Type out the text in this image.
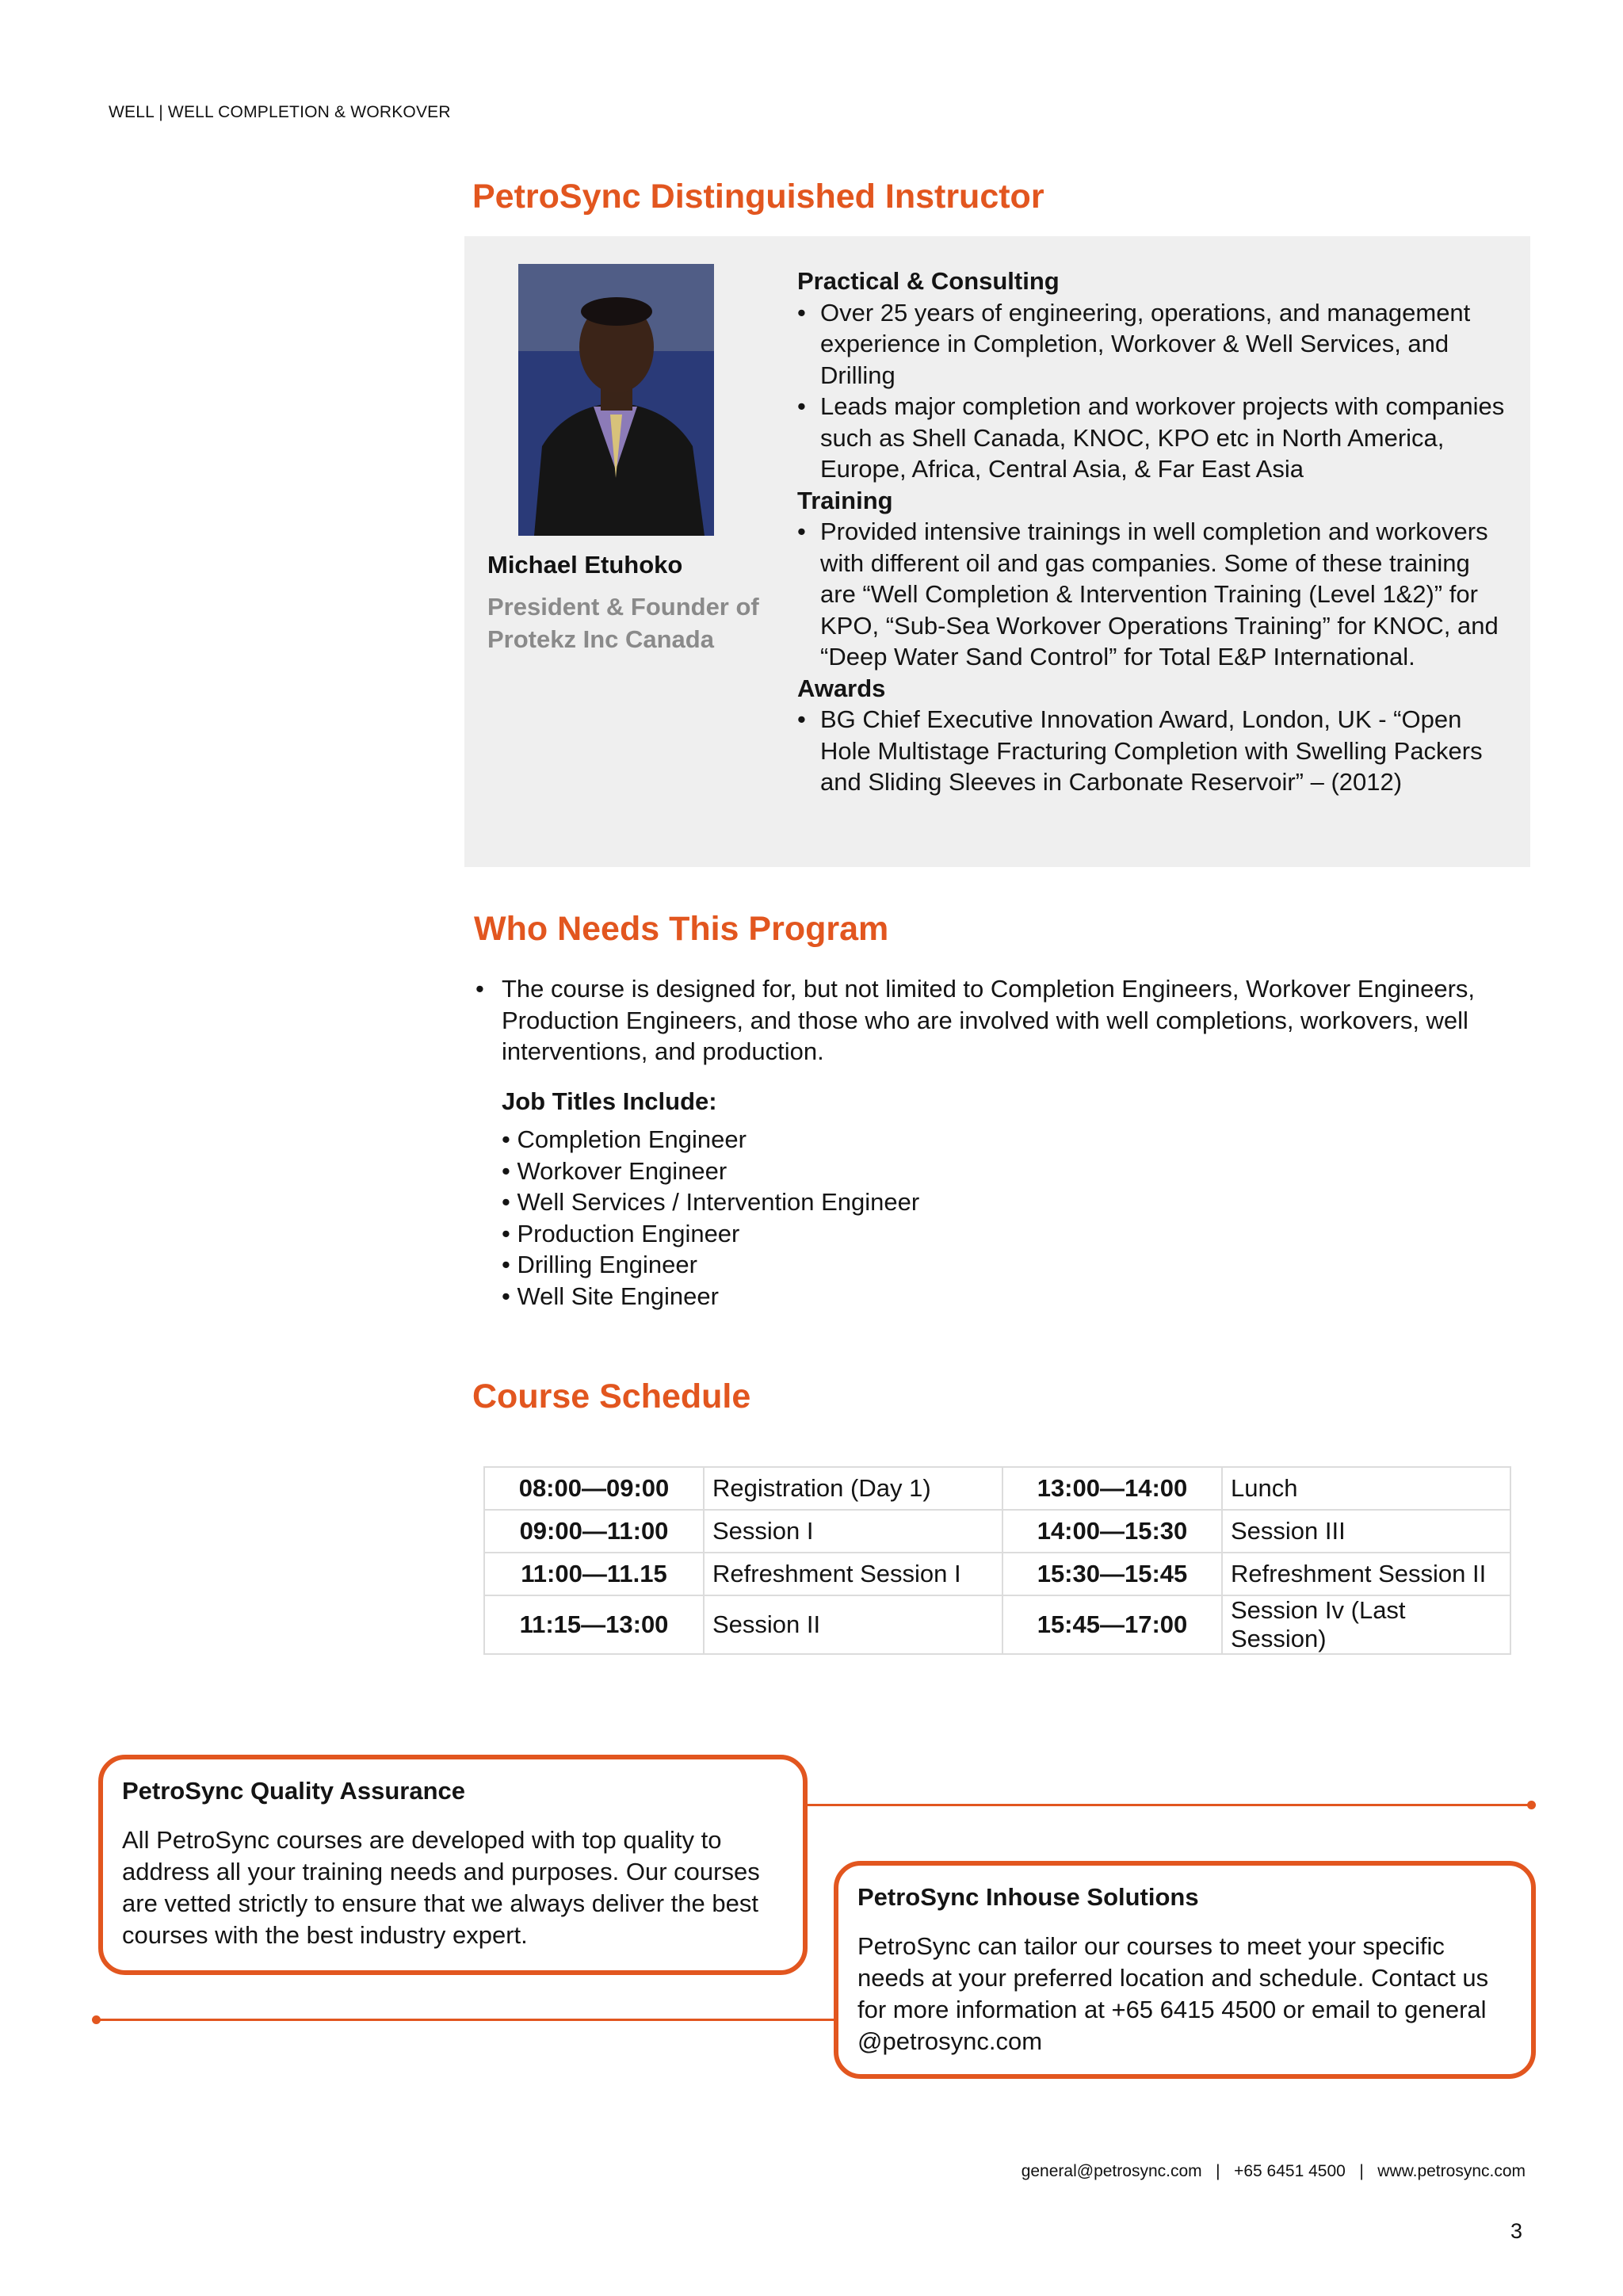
WELL | WELL COMPLETION & WORKOVER
PetroSync Distinguished Instructor
Michael Etuhoko
President & Founder of
Protekz Inc Canada
Practical & Consulting
• Over 25 years of engineering, operations, and management experience in Completion, Workover & Well Services, and Drilling
• Leads major completion and workover projects with companies such as Shell Canada, KNOC, KPO etc in North America, Europe, Africa, Central Asia, & Far East Asia
Training
• Provided intensive trainings in well completion and workovers with different oil and gas companies. Some of these training are “Well Completion & Intervention Training (Level 1&2)” for KPO, “Sub-Sea Workover Operations Training” for KNOC, and “Deep Water Sand Control” for Total E&P International.
Awards
• BG Chief Executive Innovation Award, London, UK - “Open Hole Multistage Fracturing Completion with Swelling Packers and Sliding Sleeves in Carbonate Reservoir” – (2012)
Who Needs This Program
• The course is designed for, but not limited to Completion Engineers, Workover Engineers, Production Engineers, and those who are involved with well completions, workovers, well interventions, and production.
Job Titles Include:
• Completion Engineer
• Workover Engineer
• Well Services / Intervention Engineer
• Production Engineer
• Drilling Engineer
• Well Site Engineer
Course Schedule
08:00—09:00	Registration (Day 1)	13:00—14:00	Lunch
09:00—11:00	Session I	14:00—15:30	Session III
11:00—11.15	Refreshment Session I	15:30—15:45	Refreshment Session II
11:15—13:00	Session II	15:45—17:00	Session Iv (Last Session)
PetroSync Quality Assurance
All PetroSync courses are developed with top quality to address all your training needs and purposes. Our courses are vetted strictly to ensure that we always deliver the best courses with the best industry expert.
PetroSync Inhouse Solutions
PetroSync can tailor our courses to meet your specific needs at your preferred location and schedule. Contact us for more information at +65 6415 4500 or email to general @petrosync.com
general@petrosync.com   |   +65 6451 4500   |   www.petrosync.com
3
